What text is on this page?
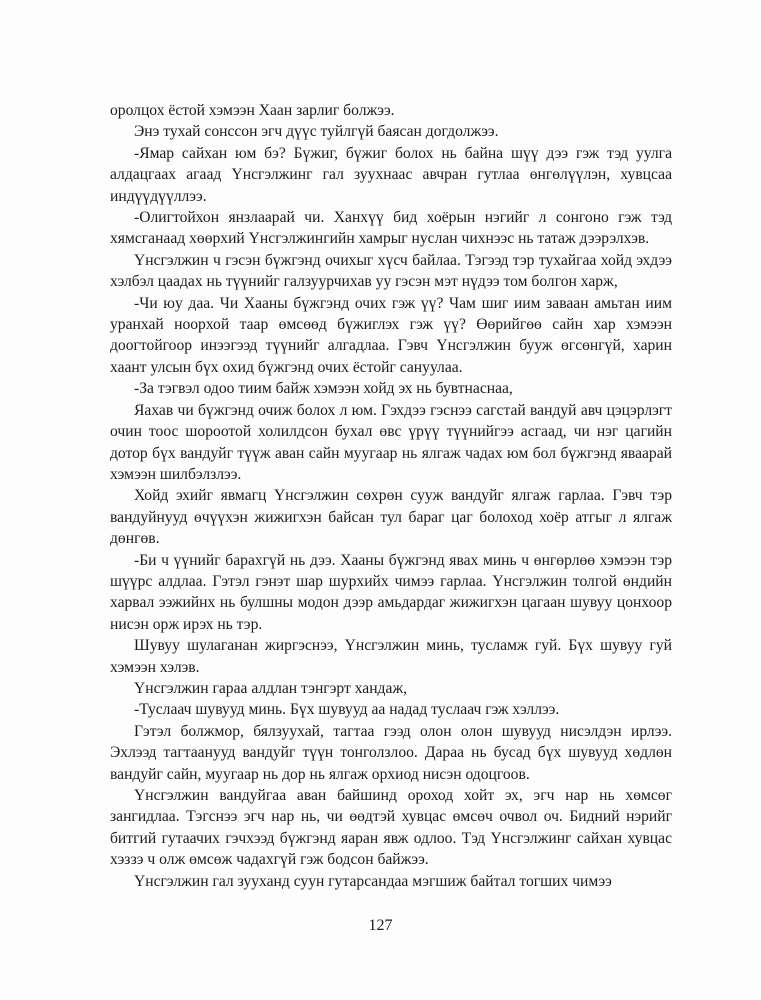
оролцох ёстой хэмээн Хаан зарлиг болжээ.

Энэ тухай сонссон эгч дүүс туйлгүй баясан догдолжээ.

-Ямар сайхан юм бэ? Бүжиг, бүжиг болох нь байна шүү дээ гэж тэд уулга алдацгаах агаад Үнсгэлжинг гал зуухнаас авчран гутлаа өнгөлүүлэн, хувцсаа индүүдүүллээ.

-Олигтойхон янзлаарай чи. Ханхүү бид хоёрын нэгийг л сонгоно гэж тэд хямсганаад хөөрхий Үнсгэлжингийн хамрыг нyслан чихнээс нь татаж дээрэлхэв.

Үнсгэлжин ч гэсэн бүжгэнд очихыг хүсч байлаа. Тэгээд тэр тухайгаа хойд эхдээ хэлбэл цаадах нь түүнийг галзуурчихав уу гэсэн мэт нүдээ том болгон харж,

-Чи юу даа. Чи Хааны бүжгэнд очих гэж үү? Чам шиг иим заваан амьтан иим уранхай ноорхой таар өмсөөд бүжиглэх гэж үү? Өөрийгөө сайн хар хэмээн доогтойгоор инээгээд түүнийг алгадлаа. Гэвч Үнсгэлжин бууж өгсөнгүй, харин хаант улсын бүх охид бүжгэнд очих ёстойг сануулаа.

-За тэгвэл одоо тиим байж хэмээн хойд эх нь бувтнаснаа,

Яахав чи бүжгэнд очиж болох л юм. Гэхдээ гэснээ сагстай вандуй авч цэцэрлэгт очин тоос шороотой холилдсон бухал өвс үрүү түүнийгээ асгаад, чи нэг цагийн дотор бүх вандуйг түүж аван сайн муугаар нь ялгаж чадах юм бол бүжгэнд яваарай хэмээн шилбэлзлээ.

Хойд эхийг явмагц Үнсгэлжин сөхрөн сууж вандуйг ялгаж гарлаа. Гэвч тэр вандуйнууд өчүүхэн жижигхэн байсан тул бараг цаг болоход хоёр атгыг л ялгаж дөнгөв.

-Би ч үүнийг барахгүй нь дээ. Хааны бүжгэнд явах минь ч өнгөрлөө хэмээн тэр шүүрс алдлаа. Гэтэл гэнэт шар шурхийх чимээ гарлаа. Үнсгэлжин толгой өндийн харвал ээжийнх нь булшны модон дээр амьдардаг жижигхэн цагаан шувуу цонхоор нисэн орж ирэх нь тэр.

Шувуу шулаганан жиргэснээ, Үнсгэлжин минь, тусламж гуй. Бүх шувуу гуй хэмээн хэлэв.

Үнсгэлжин гараа алдлан тэнгэрт хандаж,

-Туслаач шувууд минь. Бүх шувууд аа надад туслаач гэж хэллээ.

Гэтэл болжмор, бялзуухай, тагтаа гээд олон олон шувууд нисэлдэн ирлээ. Эхлээд тагтаанууд вандуйг түүн тонголзлоо. Дараа нь бусад бүх шувууд хөдлөн вандуйг сайн, муугаар нь дор нь ялгаж орхиод нисэн одоцгоов.

Үнсгэлжин вандуйгаа аван байшинд ороход хойт эх, эгч нар нь хөмсөг зангидлаа. Тэгснээ эгч нар нь, чи өөдтэй хувцас өмсөч очвол оч. Бидний нэрийг битгий гутаачих гэчхээд бүжгэнд яаран явж одлоо. Тэд Үнсгэлжинг сайхан хувцас хэззэ ч олж өмсөж чадахгүй гэж бодсон байжээ.

Үнсгэлжин гал зууханд суун гутарсандаа мэгшиж байтал тогших чимээ

127
